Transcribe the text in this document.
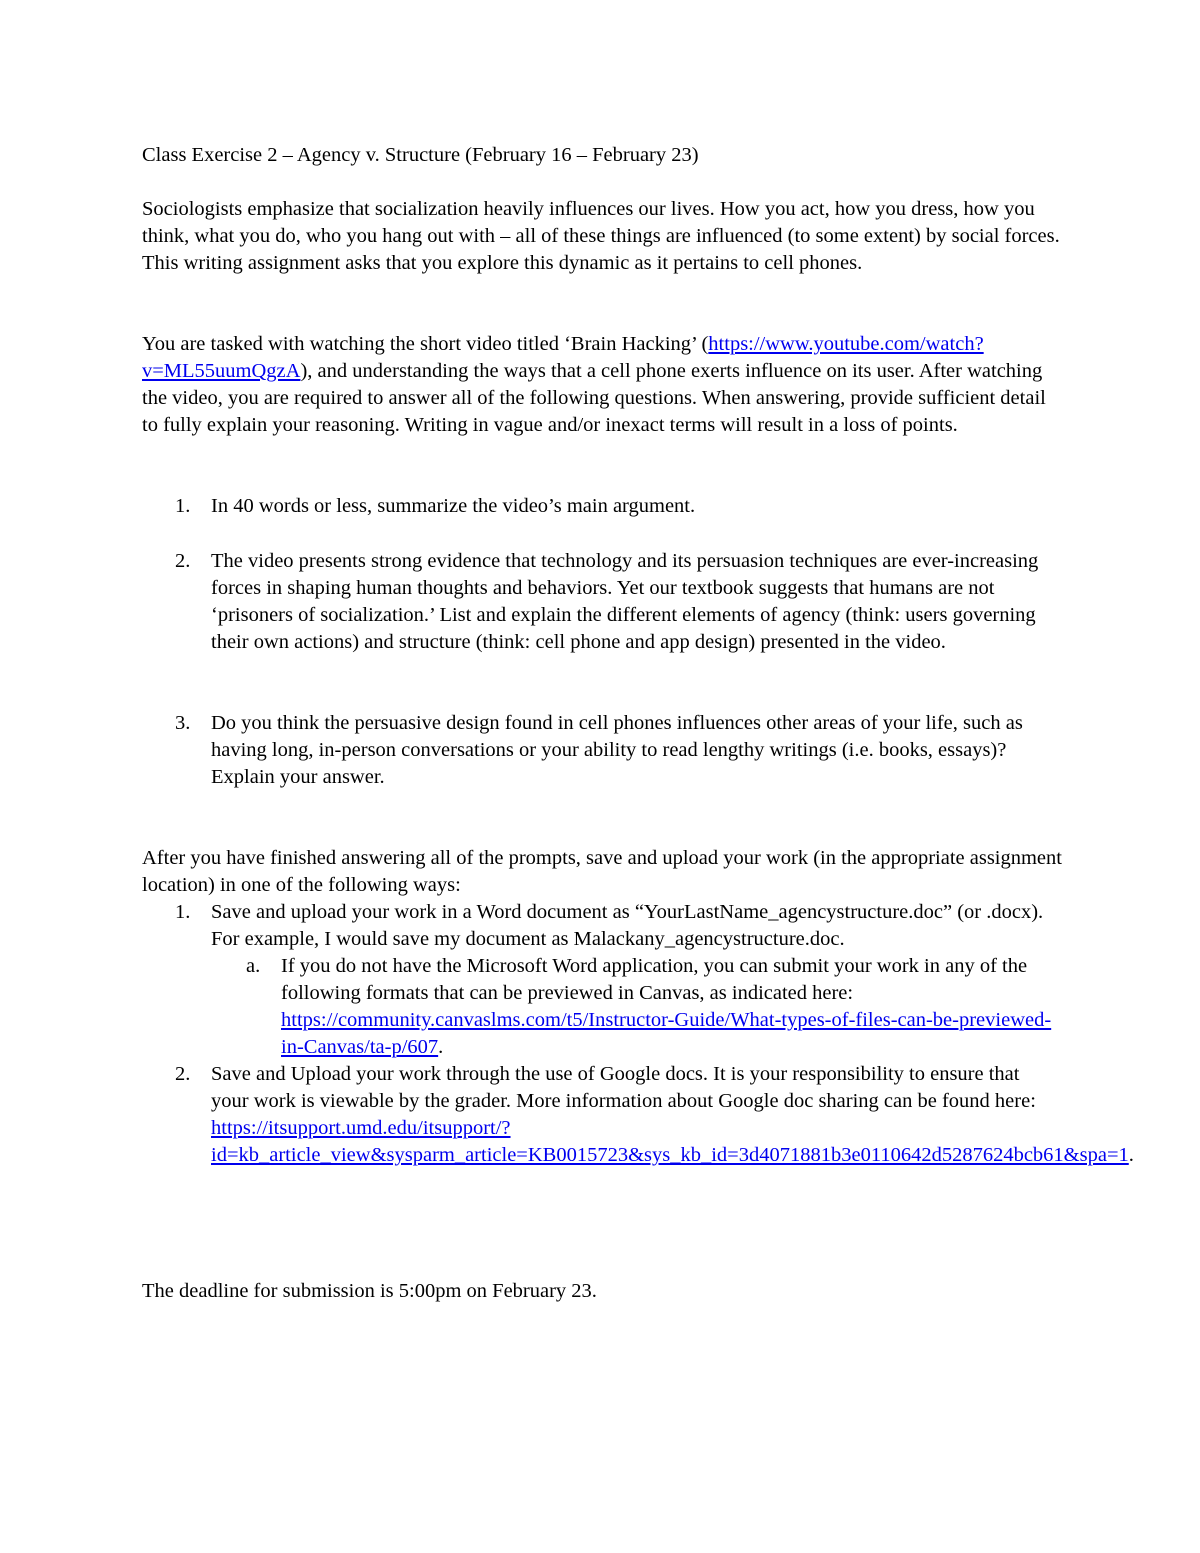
Class Exercise 2 – Agency v. Structure (February 16 – February 23)

Sociologists emphasize that socialization heavily influences our lives. How you act, how you dress, how you think, what you do, who you hang out with – all of these things are influenced (to some extent) by social forces. This writing assignment asks that you explore this dynamic as it pertains to cell phones.

You are tasked with watching the short video titled ‘Brain Hacking’ (https://www.youtube.com/watch?v=ML55uumQgzA), and understanding the ways that a cell phone exerts influence on its user. After watching the video, you are required to answer all of the following questions. When answering, provide sufficient detail to fully explain your reasoning. Writing in vague and/or inexact terms will result in a loss of points.

1.	In 40 words or less, summarize the video’s main argument.
2.	The video presents strong evidence that technology and its persuasion techniques are ever-increasing forces in shaping human thoughts and behaviors. Yet our textbook suggests that humans are not ‘prisoners of socialization.’ List and explain the different elements of agency (think: users governing their own actions) and structure (think: cell phone and app design) presented in the video.
3.	Do you think the persuasive design found in cell phones influences other areas of your life, such as having long, in-person conversations or your ability to read lengthy writings (i.e. books, essays)? Explain your answer.

After you have finished answering all of the prompts, save and upload your work (in the appropriate assignment location) in one of the following ways:

1.	Save and upload your work in a Word document as “YourLastName_agencystructure.doc” (or .docx). For example, I would save my document as Malackany_agencystructure.doc.
a.	If you do not have the Microsoft Word application, you can submit your work in any of the following formats that can be previewed in Canvas, as indicated here: https://community.canvaslms.com/t5/Instructor-Guide/What-types-of-files-can-be-previewed-in-Canvas/ta-p/607.
2.	Save and Upload your work through the use of Google docs. It is your responsibility to ensure that your work is viewable by the grader. More information about Google doc sharing can be found here: https://itsupport.umd.edu/itsupport/?id=kb_article_view&sysparm_article=KB0015723&sys_kb_id=3d4071881b3e0110642d5287624bcb61&spa=1.

The deadline for submission is 5:00pm on February 23.
